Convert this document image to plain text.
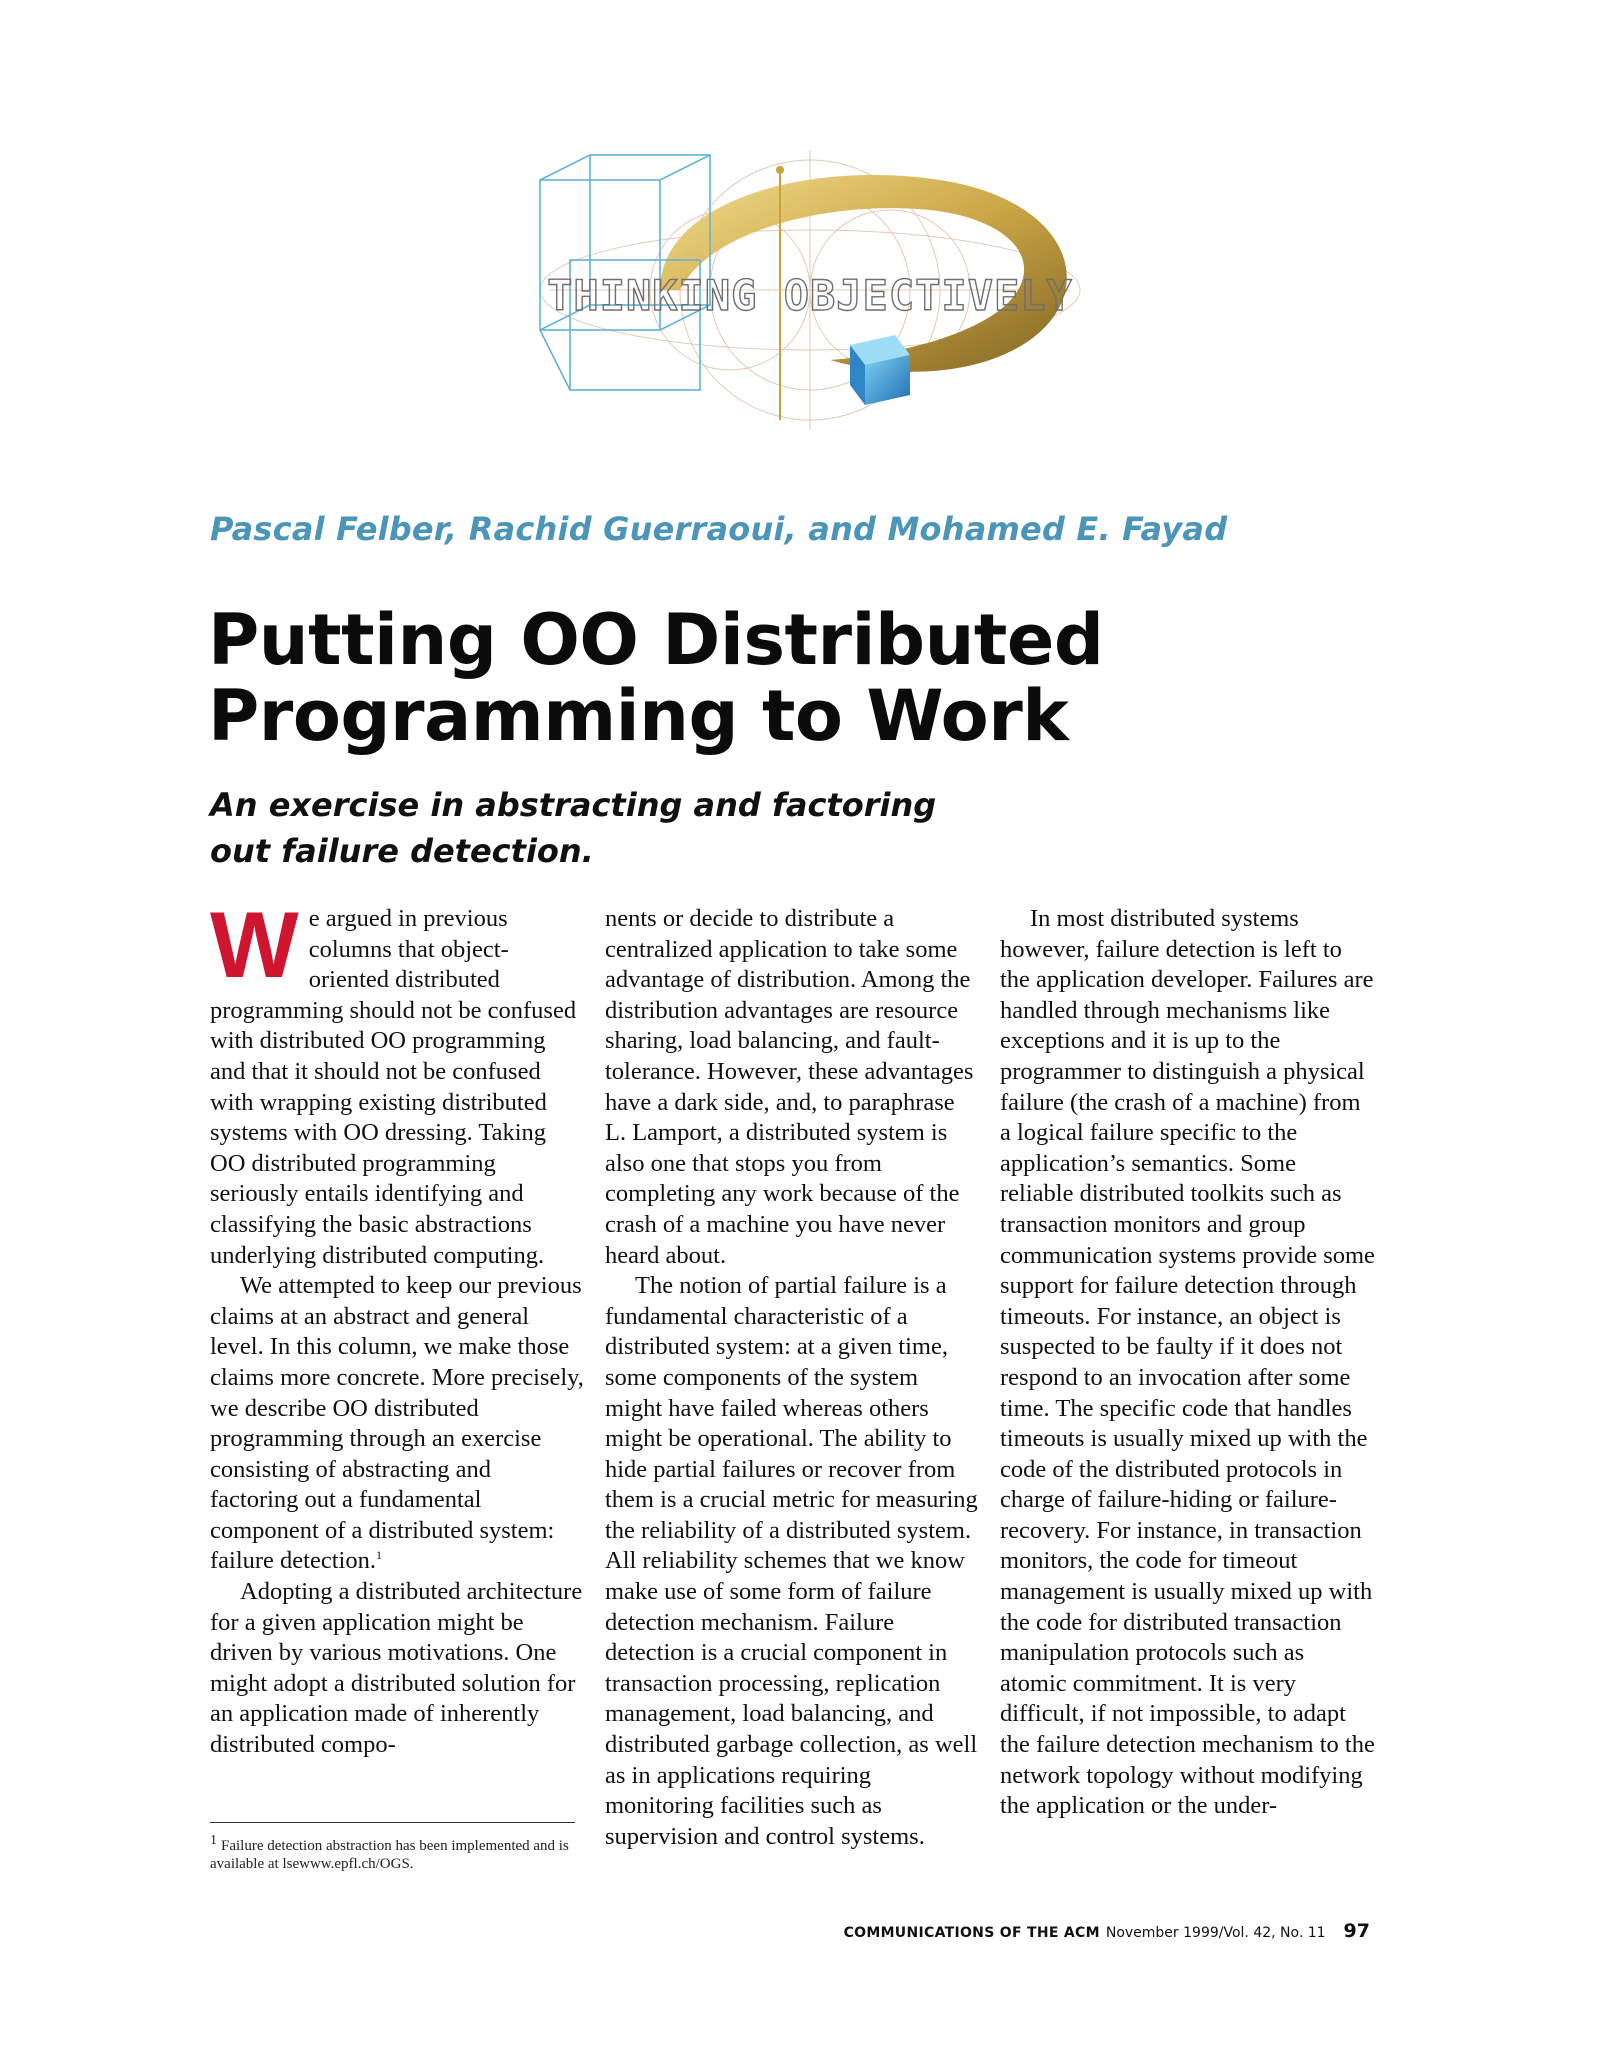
THINKING OBJECTIVELY
Pascal Felber, Rachid Guerraoui, and Mohamed E. Fayad
Putting OO Distributed
Programming to Work
An exercise in abstracting and factoring
out failure detection.

We argued in previous columns that object-oriented distributed programming should not be confused with distributed OO programming and that it should not be confused with wrapping existing distributed systems with OO dressing. Taking OO distributed programming seriously entails identifying and classifying the basic abstractions underlying distributed computing.

We attempted to keep our previous claims at an abstract and general level. In this column, we make those claims more concrete. More precisely, we describe OO distributed programming through an exercise consisting of abstracting and factoring out a fundamental component of a distributed system: failure detection.$^1$

Adopting a distributed architecture for a given application might be driven by various motivations. One might adopt a distributed solution for an application made of inherently distributed compo-

1 Failure detection abstraction has been implemented and is available at lsewww.epfl.ch/OGS.

nents or decide to distribute a centralized application to take some advantage of distribution. Among the distribution advantages are resource sharing, load balancing, and fault-tolerance. However, these advantages have a dark side, and, to paraphrase L. Lamport, a distributed system is also one that stops you from completing any work because of the crash of a machine you have never heard about.

The notion of partial failure is a fundamental characteristic of a distributed system: at a given time, some components of the system might have failed whereas others might be operational. The ability to hide partial failures or recover from them is a crucial metric for measuring the reliability of a distributed system. All reliability schemes that we know make use of some form of failure detection mechanism. Failure detection is a crucial component in transaction processing, replication management, load balancing, and distributed garbage collection, as well as in applications requiring monitoring facilities such as supervision and control systems.

In most distributed systems however, failure detection is left to the application developer. Failures are handled through mechanisms like exceptions and it is up to the programmer to distinguish a physical failure (the crash of a machine) from a logical failure specific to the application’s semantics. Some reliable distributed toolkits such as transaction monitors and group communication systems provide some support for failure detection through timeouts. For instance, an object is suspected to be faulty if it does not respond to an invocation after some time. The specific code that handles timeouts is usually mixed up with the code of the distributed protocols in charge of failure-hiding or failure-recovery. For instance, in transaction monitors, the code for timeout management is usually mixed up with the code for distributed transaction manipulation protocols such as atomic commitment. It is very difficult, if not impossible, to adapt the failure detection mechanism to the network topology without modifying the application or the under-

COMMUNICATIONS OF THE ACM November 1999/Vol. 42, No. 11 97
